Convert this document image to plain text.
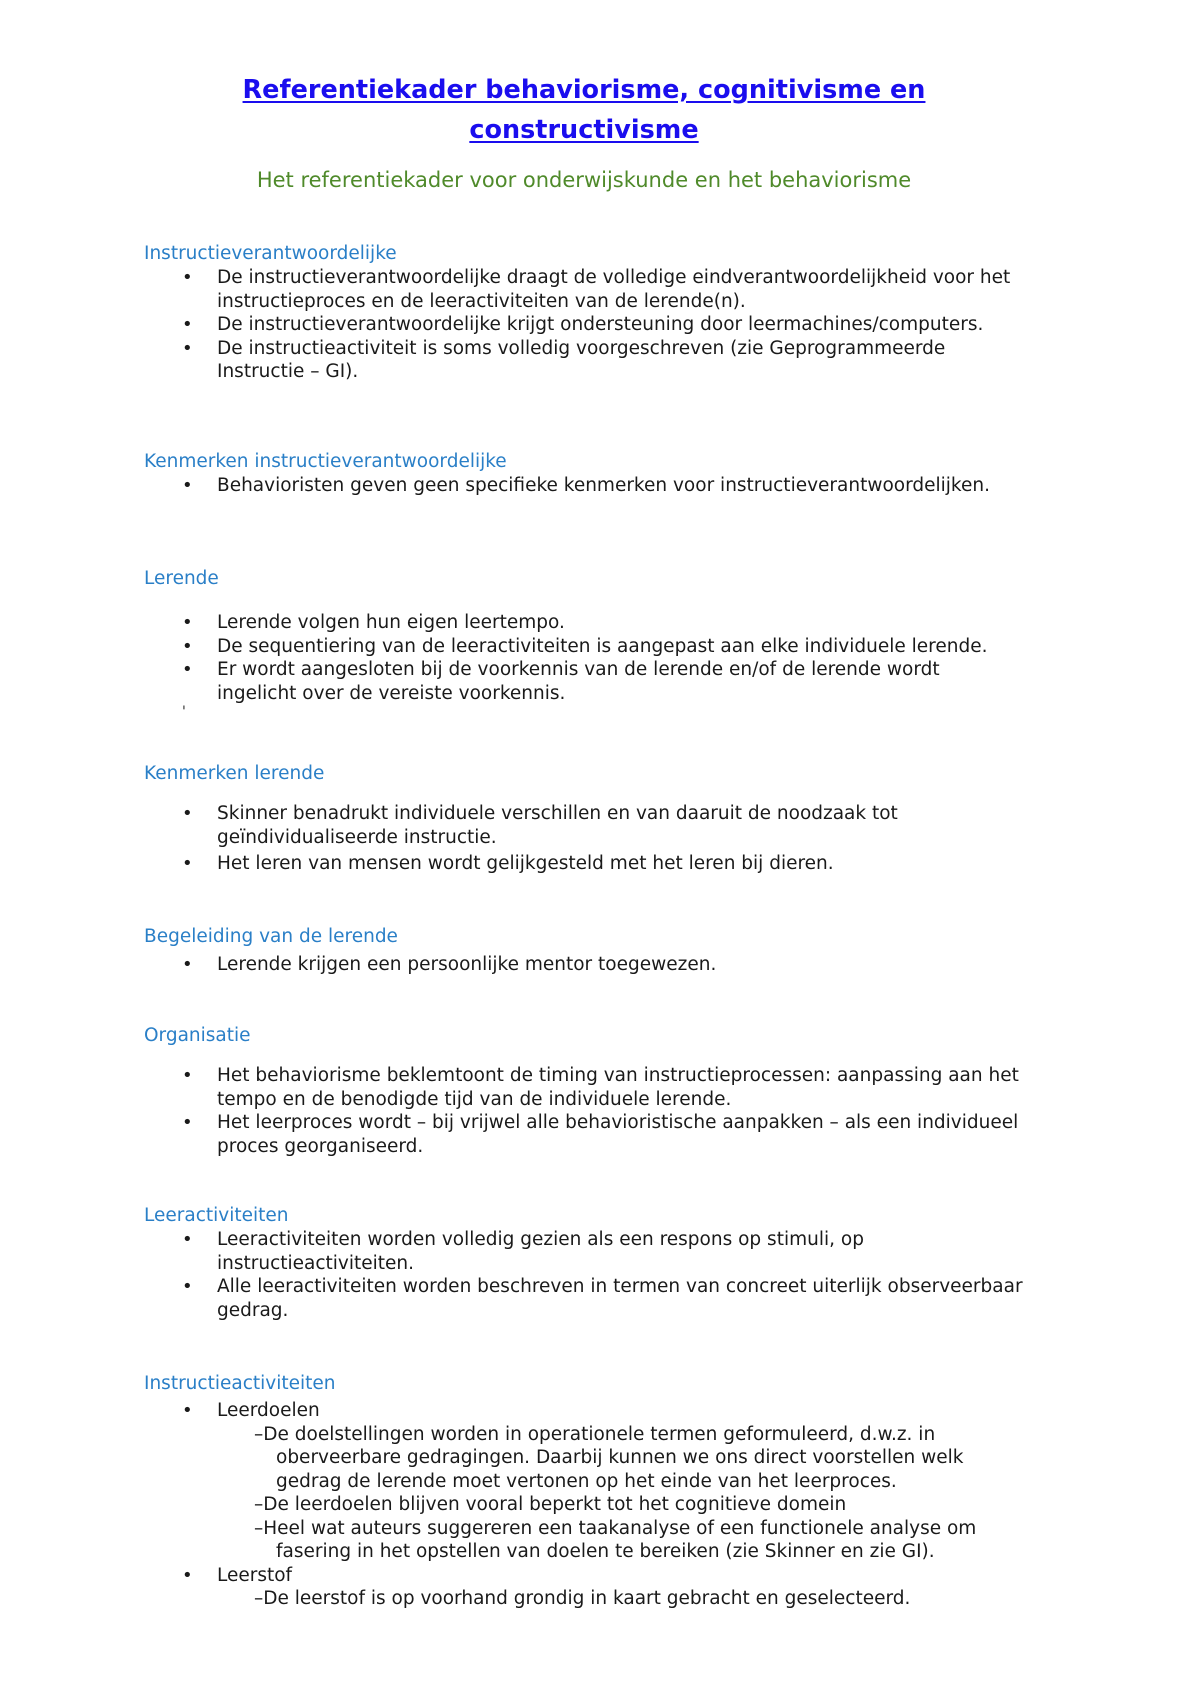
Referentiekader behaviorisme, cognitivisme en constructivisme
Het referentiekader voor onderwijskunde en het behaviorisme
Instructieverantwoordelijke
• De instructieverantwoordelijke draagt de volledige eindverantwoordelijkheid voor het instructieproces en de leeractiviteiten van de lerende(n).
• De instructieverantwoordelijke krijgt ondersteuning door leermachines/computers.
• De instructieactiviteit is soms volledig voorgeschreven (zie Geprogrammeerde Instructie – GI).
Kenmerken instructieverantwoordelijke
• Behavioristen geven geen specifieke kenmerken voor instructieverantwoordelijken.
Lerende
• Lerende volgen hun eigen leertempo.
• De sequentiering van de leeractiviteiten is aangepast aan elke individuele lerende.
• Er wordt aangesloten bij de voorkennis van de lerende en/of de lerende wordt ingelicht over de vereiste voorkennis.
'
Kenmerken lerende
• Skinner benadrukt individuele verschillen en van daaruit de noodzaak tot geïndividualiseerde instructie.
• Het leren van mensen wordt gelijkgesteld met het leren bij dieren.
Begeleiding van de lerende
• Lerende krijgen een persoonlijke mentor toegewezen.
Organisatie
• Het behaviorisme beklemtoont de timing van instructieprocessen: aanpassing aan het tempo en de benodigde tijd van de individuele lerende.
• Het leerproces wordt – bij vrijwel alle behavioristische aanpakken – als een individueel proces georganiseerd.
Leeractiviteiten
• Leeractiviteiten worden volledig gezien als een respons op stimuli, op instructieactiviteiten.
• Alle leeractiviteiten worden beschreven in termen van concreet uiterlijk observeerbaar gedrag.
Instructieactiviteiten
• Leerdoelen
–De doelstellingen worden in operationele termen geformuleerd, d.w.z. in oberveerbare gedragingen. Daarbij kunnen we ons direct voorstellen welk gedrag de lerende moet vertonen op het einde van het leerproces.
–De leerdoelen blijven vooral beperkt tot het cognitieve domein
–Heel wat auteurs suggereren een taakanalyse of een functionele analyse om fasering in het opstellen van doelen te bereiken (zie Skinner en zie GI).
• Leerstof
–De leerstof is op voorhand grondig in kaart gebracht en geselecteerd.
